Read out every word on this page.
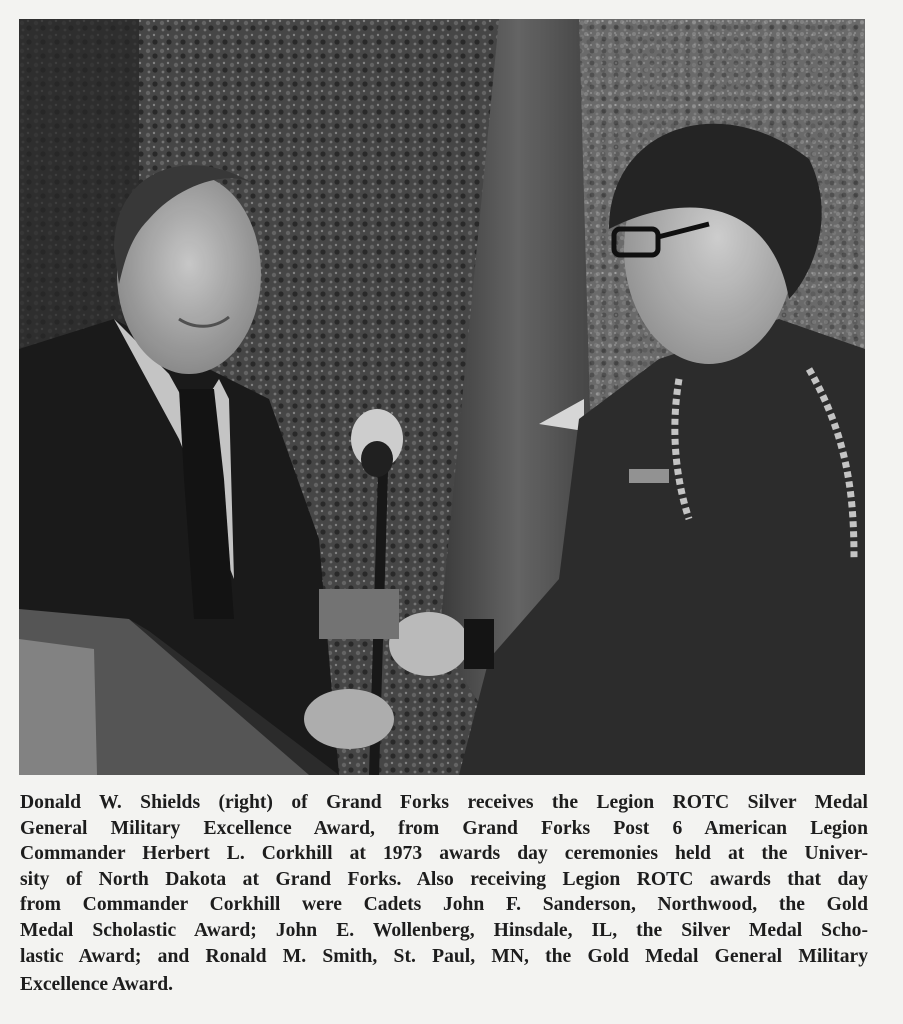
Donald W. Shields (right) of Grand Forks receives the Legion ROTC Silver Medal
General Military Excellence Award, from Grand Forks Post 6 American Legion
Commander Herbert L. Corkhill at 1973 awards day ceremonies held at the Univer-
sity of North Dakota at Grand Forks. Also receiving Legion ROTC awards that day
from Commander Corkhill were Cadets John F. Sanderson, Northwood, the Gold
Medal Scholastic Award; John E. Wollenberg, Hinsdale, IL, the Silver Medal Scho-
lastic Award; and Ronald M. Smith, St. Paul, MN, the Gold Medal General Military
Excellence Award.
